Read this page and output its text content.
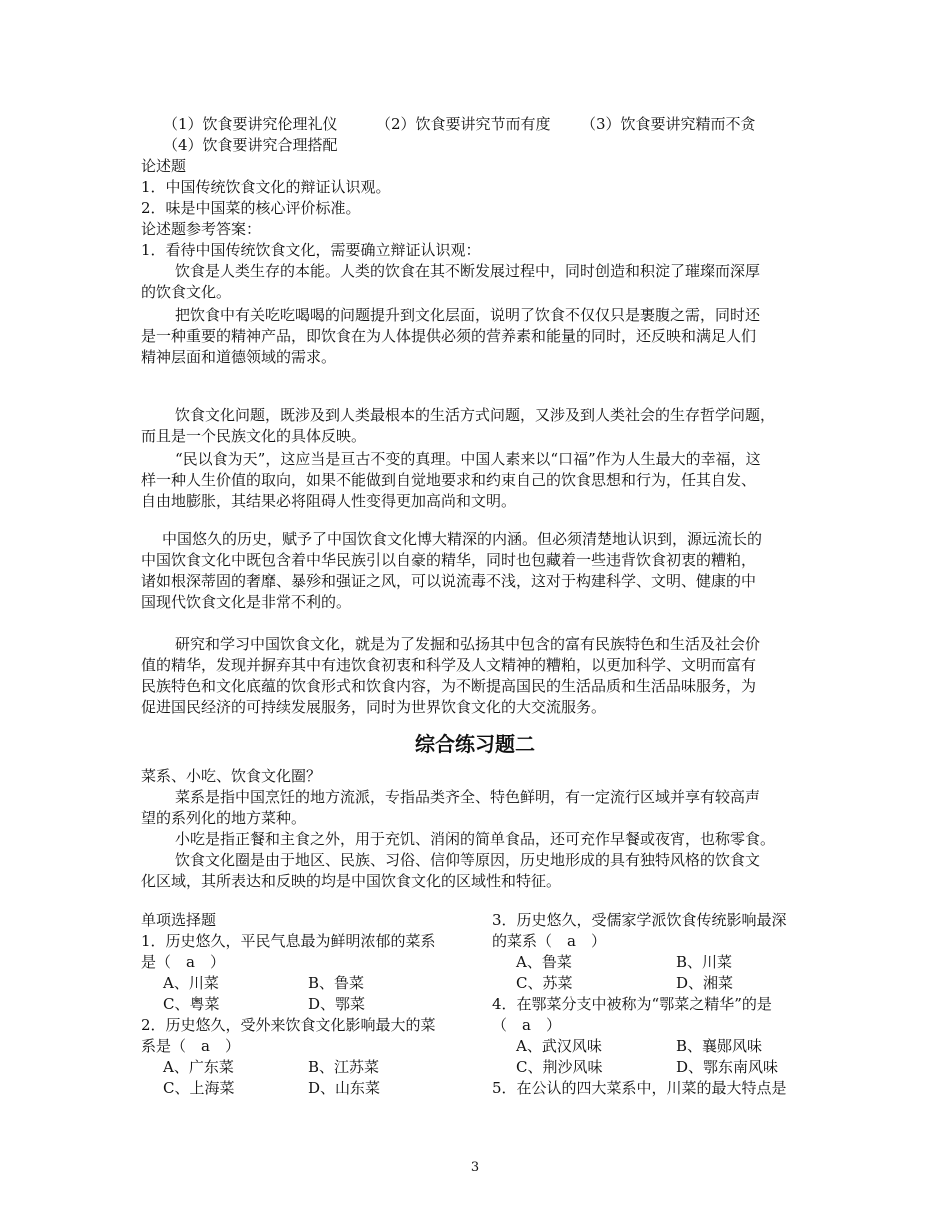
（1）饮食要讲究伦理礼仪	（2）饮食要讲究节而有度 （3）饮食要讲究精而不贪
（4）饮食要讲究合理搭配
论述题
1．中国传统饮食文化的辩证认识观。
2．味是中国菜的核心评价标准。
论述题参考答案：
1．看待中国传统饮食文化，需要确立辩证认识观：
饮食是人类生存的本能。人类的饮食在其不断发展过程中，同时创造和积淀了璀璨而深厚
的饮食文化。
把饮食中有关吃吃喝喝的问题提升到文化层面，说明了饮食不仅仅只是裹腹之需，同时还
是一种重要的精神产品，即饮食在为人体提供必须的营养素和能量的同时，还反映和满足人们
精神层面和道德领域的需求。
饮食文化问题，既涉及到人类最根本的生活方式问题，又涉及到人类社会的生存哲学问题，
而且是一个民族文化的具体反映。
“民以食为天”，这应当是亘古不变的真理。中国人素来以“口福”作为人生最大的幸福，这
样一种人生价值的取向，如果不能做到自觉地要求和约束自己的饮食思想和行为，任其自发、
自由地膨胀，其结果必将阻碍人性变得更加高尚和文明。
中国悠久的历史，赋予了中国饮食文化博大精深的内涵。但必须清楚地认识到，源远流长的
中国饮食文化中既包含着中华民族引以自豪的精华，同时也包藏着一些违背饮食初衷的糟粕，
诸如根深蒂固的奢靡、暴殄和强证之风，可以说流毒不浅，这对于构建科学、文明、健康的中
国现代饮食文化是非常不利的。
研究和学习中国饮食文化，就是为了发掘和弘扬其中包含的富有民族特色和生活及社会价
值的精华，发现并摒弃其中有违饮食初衷和科学及人文精神的糟粕，以更加科学、文明而富有
民族特色和文化底蕴的饮食形式和饮食内容，为不断提高国民的生活品质和生活品味服务，为
促进国民经济的可持续发展服务，同时为世界饮食文化的大交流服务。
综合练习题二
菜系、小吃、饮食文化圈？
菜系是指中国烹饪的地方流派，专指品类齐全、特色鲜明，有一定流行区域并享有较高声
望的系列化的地方菜种。
小吃是指正餐和主食之外，用于充饥、消闲的简单食品，还可充作早餐或夜宵，也称零食。
饮食文化圈是由于地区、民族、习俗、信仰等原因，历史地形成的具有独特风格的饮食文
化区域，其所表达和反映的均是中国饮食文化的区域性和特征。
单项选择题
1．历史悠久，平民气息最为鲜明浓郁的菜系
是（　a　）
A、川菜	B、鲁菜
C、粤菜	D、鄂菜
2．历史悠久，受外来饮食文化影响最大的菜
系是（　a　）
A、广东菜	B、江苏菜
C、上海菜	D、山东菜
3．历史悠久，受儒家学派饮食传统影响最深
的菜系（　a　）
A、鲁菜	B、川菜
C、苏菜	D、湘菜
4．在鄂菜分支中被称为“鄂菜之精华”的是
（　a　）
A、武汉风味	B、襄郧风味
C、荆沙风味	D、鄂东南风味
5．在公认的四大菜系中，川菜的最大特点是
3
